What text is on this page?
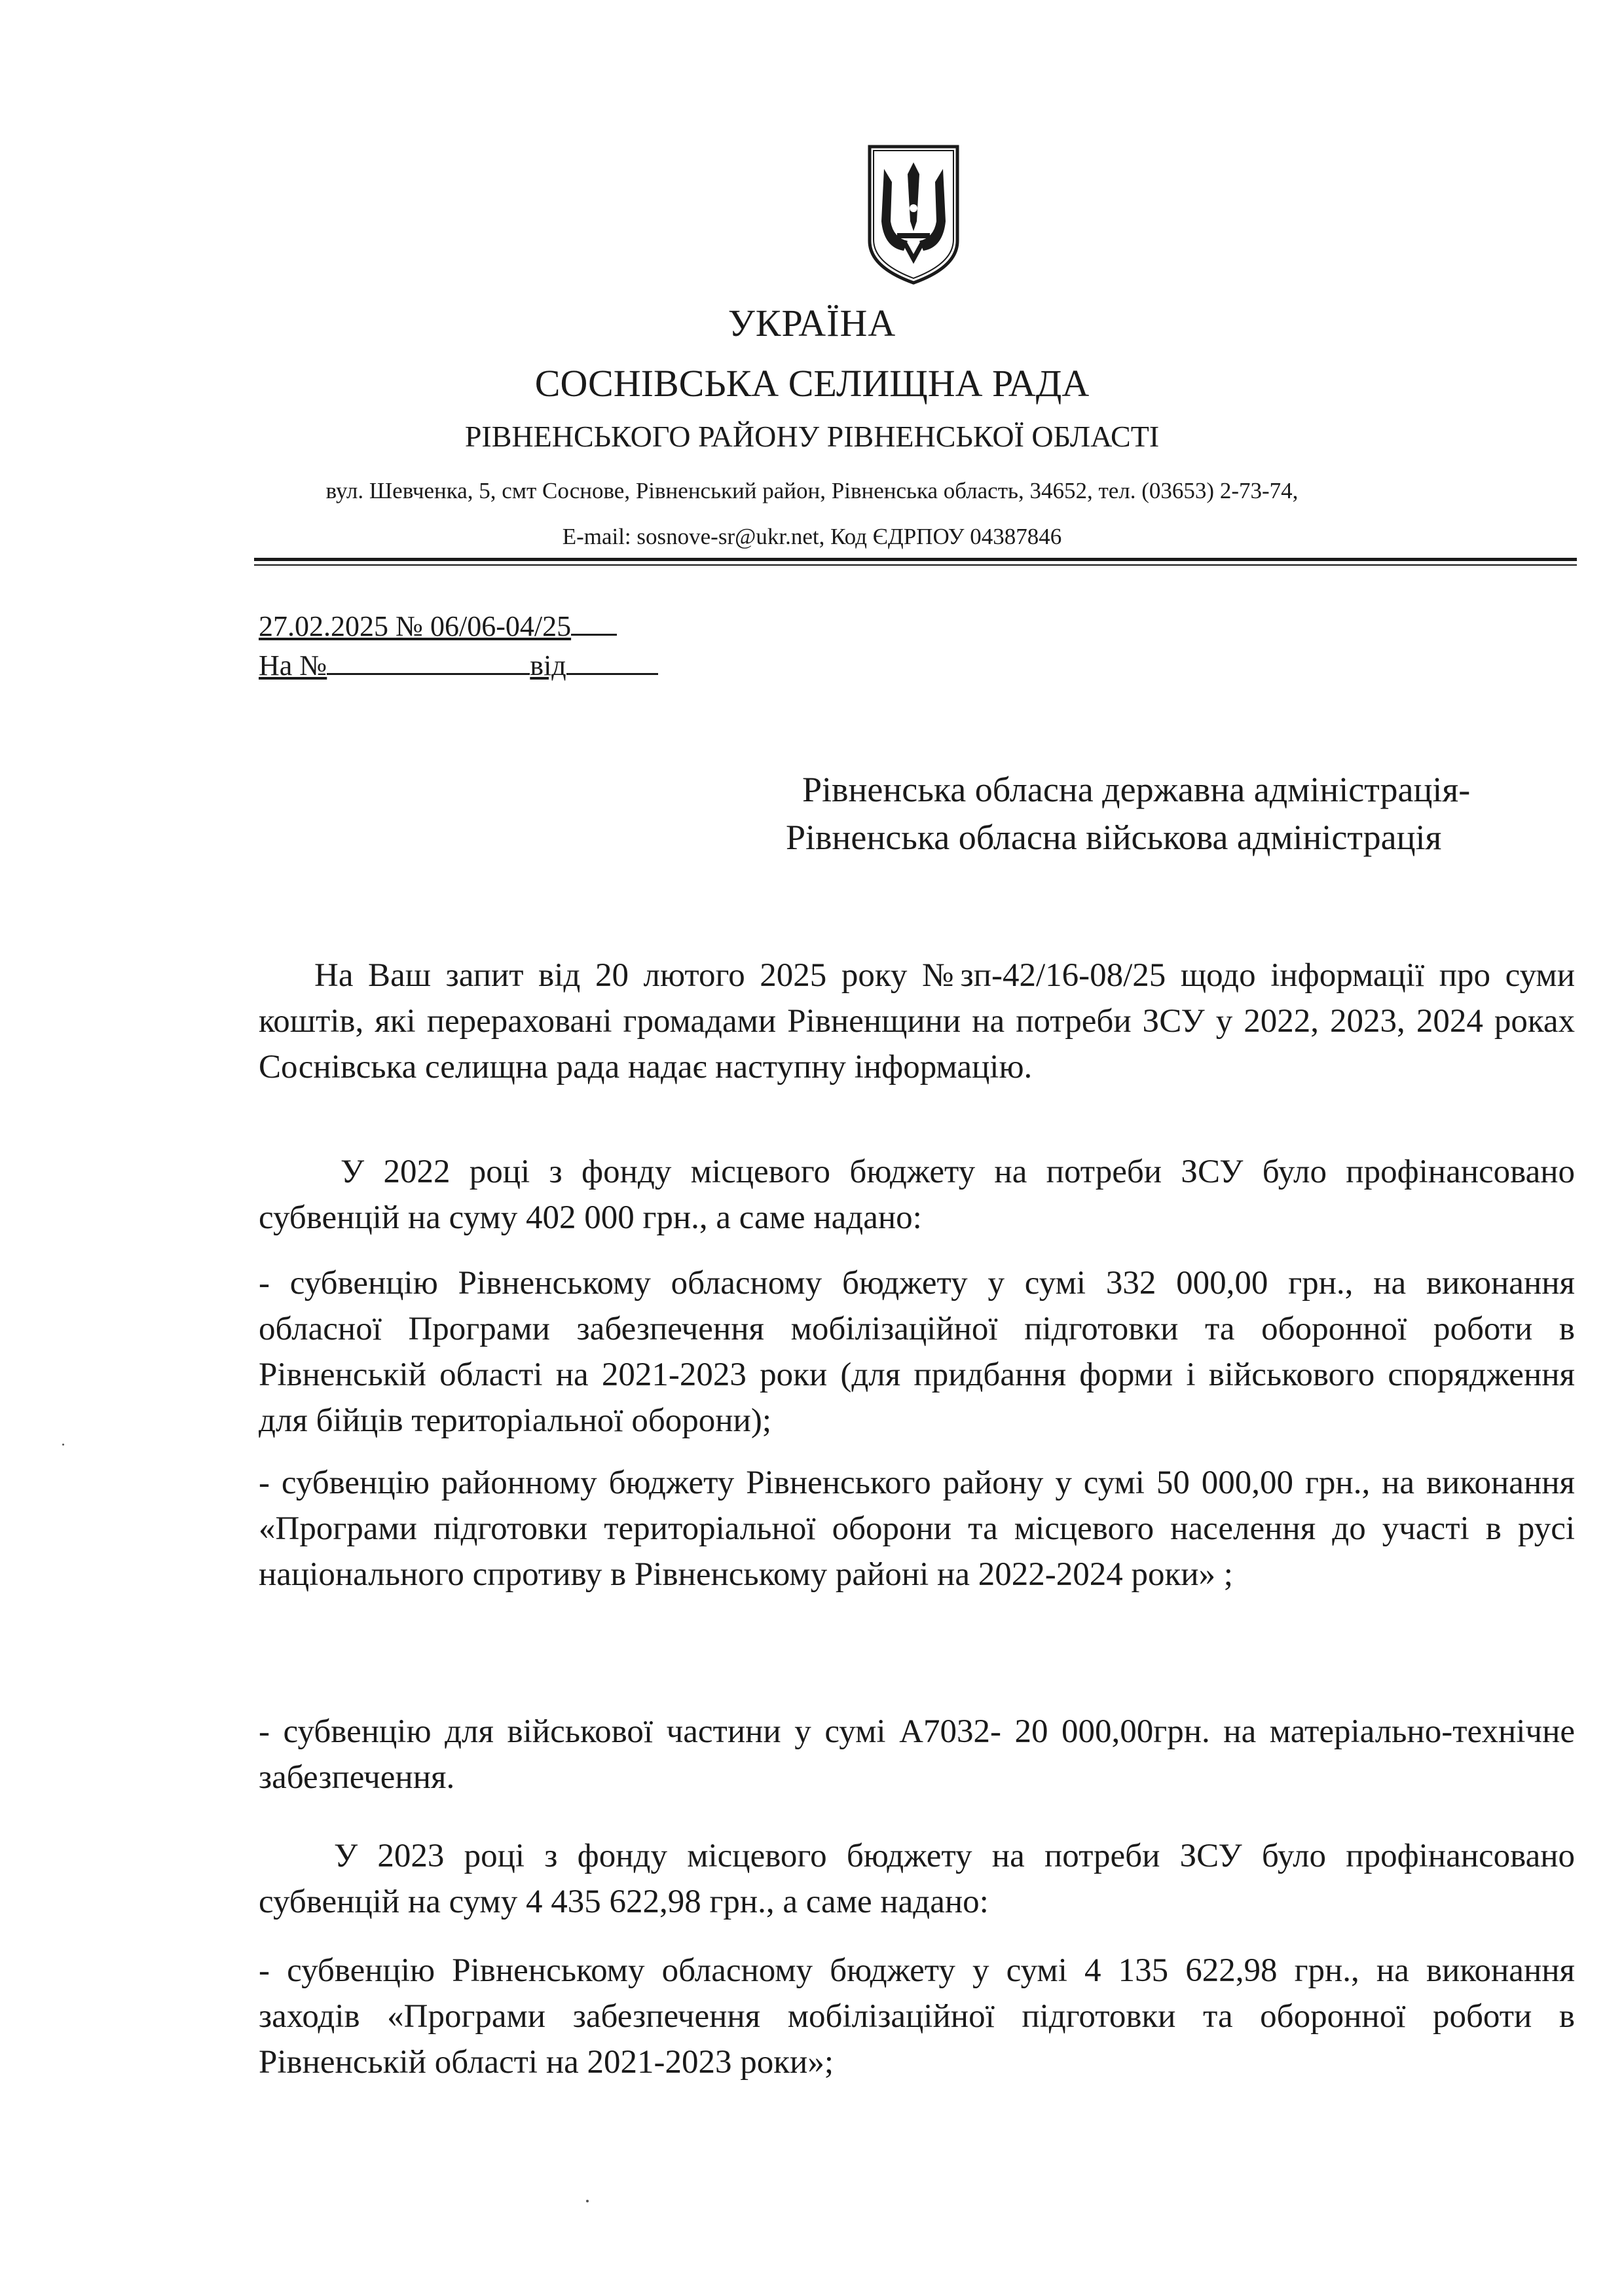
УКРАЇНА
СОСНІВСЬКА СЕЛИЩНА РАДА
РІВНЕНСЬКОГО РАЙОНУ РІВНЕНСЬКОЇ ОБЛАСТІ
вул. Шевченка, 5, смт Соснове, Рівненський район, Рівненська область, 34652, тел. (03653) 2-73-74,
E-mail: sosnove-sr@ukr.net, Код ЄДРПОУ 04387846
27.02.2025 № 06/06-04/25
На №	від
Рівненська обласна державна адміністрація-
Рівненська обласна військова адміністрація
На Ваш запит від 20 лютого 2025 року №зп-42/16-08/25 щодо інформації про суми коштів, які перераховані громадами Рівненщини на потреби ЗСУ у 2022, 2023, 2024 роках Соснівська селищна рада надає наступну інформацію.
У 2022 році з фонду місцевого бюджету на потреби ЗСУ було профінансовано субвенцій на суму 402 000 грн., а саме надано:
- субвенцію Рівненському обласному бюджету у сумі 332 000,00 грн., на виконання обласної Програми забезпечення мобілізаційної підготовки та оборонної роботи в Рівненській області на 2021-2023 роки (для придбання форми і військового спорядження для бійців територіальної оборони);
- субвенцію районному бюджету Рівненського району у сумі 50 000,00 грн., на виконання «Програми підготовки територіальної оборони та місцевого населення до участі в русі національного спротиву в Рівненському районі на 2022-2024 роки» ;
- субвенцію для військової частини у сумі А7032- 20 000,00грн. на матеріально-технічне забезпечення.
У 2023 році з фонду місцевого бюджету на потреби ЗСУ було профінансовано субвенцій на суму 4 435 622,98 грн., а саме надано:
- субвенцію Рівненському обласному бюджету у сумі 4 135 622,98 грн., на виконання заходів «Програми забезпечення мобілізаційної підготовки та оборонної роботи в Рівненській області на 2021-2023 роки»;
